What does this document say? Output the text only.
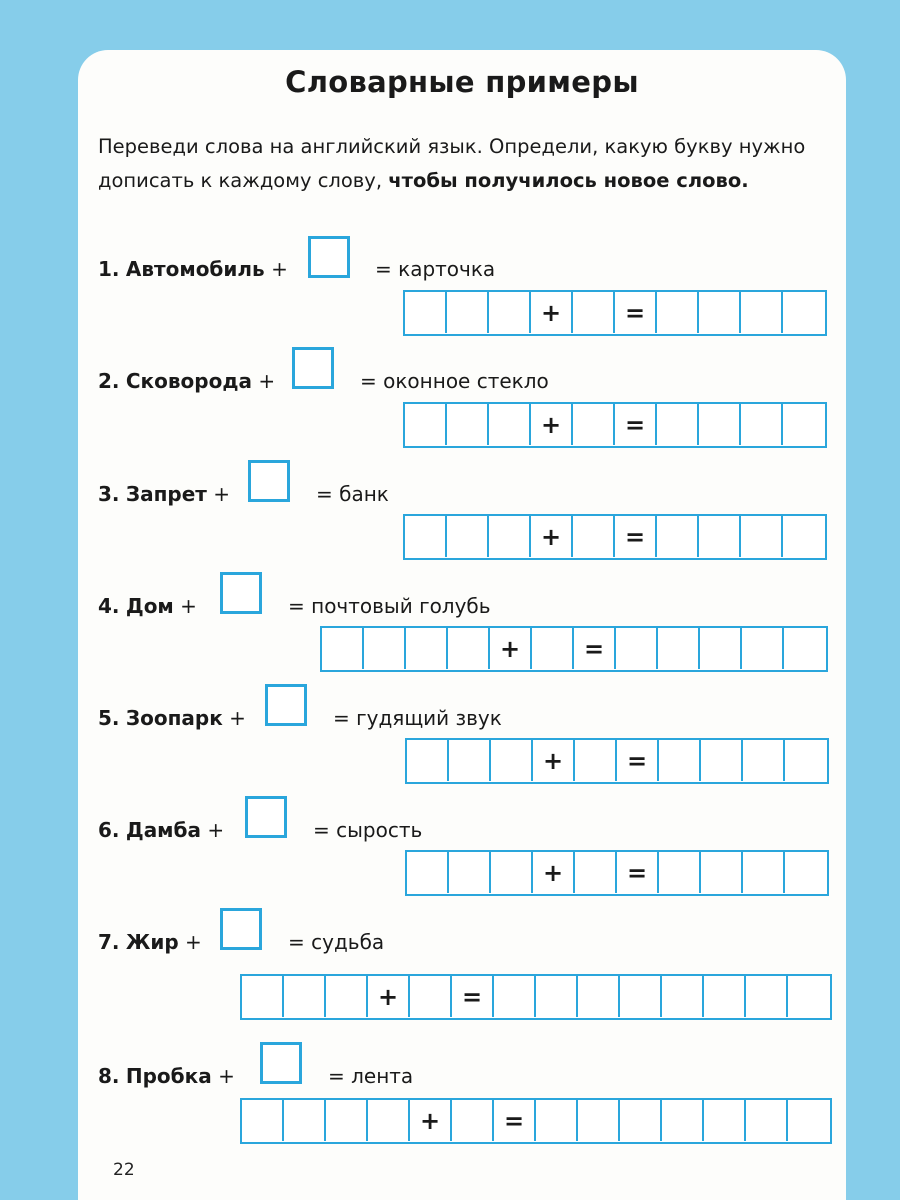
Словарные примеры
Переведи слова на английский язык. Определи, какую букву нужно дописать к каждому слову, чтобы получилось новое слово.
1. Автомобиль +	= карточка
+	=
2. Сковорода +	= оконное стекло
+	=
3. Запрет +	= банк
+	=
4. Дом +	= почтовый голубь
+	=
5. Зоопарк +	= гудящий звук
+	=
6. Дамба +	= сырость
+	=
7. Жир +	= судьба
+	=
8. Пробка +	= лента
+	=
22
